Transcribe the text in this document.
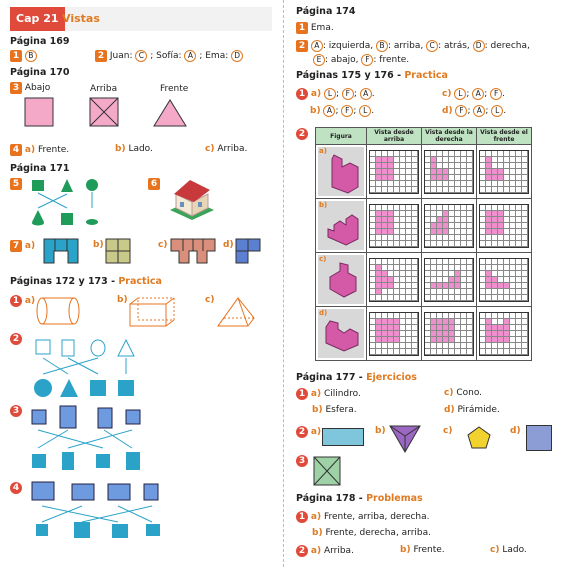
Cap 21 Vistas
Página 169
1 B	2 Juan: C ; Sofía: A ; Ema: D
Página 170
3 Abajo	Arriba	Frente
4 a) Frente.	b) Lado.	c) Arriba.
Página 171
5	6
7 a)	b)	c)	d)
Páginas 172 y 173 - Practica
1 a)	b)	c)
2
3
4
Página 174
1 Ema.
2 A : izquierda, B : arriba, C : atrás, D : derecha,
E : abajo, F : frente.
Páginas 175 y 176 - Practica
1 a) L ; F ; A .
b) A ; F ; L .
c) L ; A ; F .
d) F ; A ; L .
2	Figura	Vista desde arriba	Vista desde la derecha	Vista desde el frente

a)			

b)			

c)			

d)			

Página 177 - Ejercicios
1 a) Cilindro.
b) Esfera.
c) Cono.
d) Pirámide.
2 a)	b)	c)	d)
3
Página 178 - Problemas
1 a) Frente, arriba, derecha.
b) Frente, derecha, arriba.
2 a) Arriba.	b) Frente.	c) Lado.
